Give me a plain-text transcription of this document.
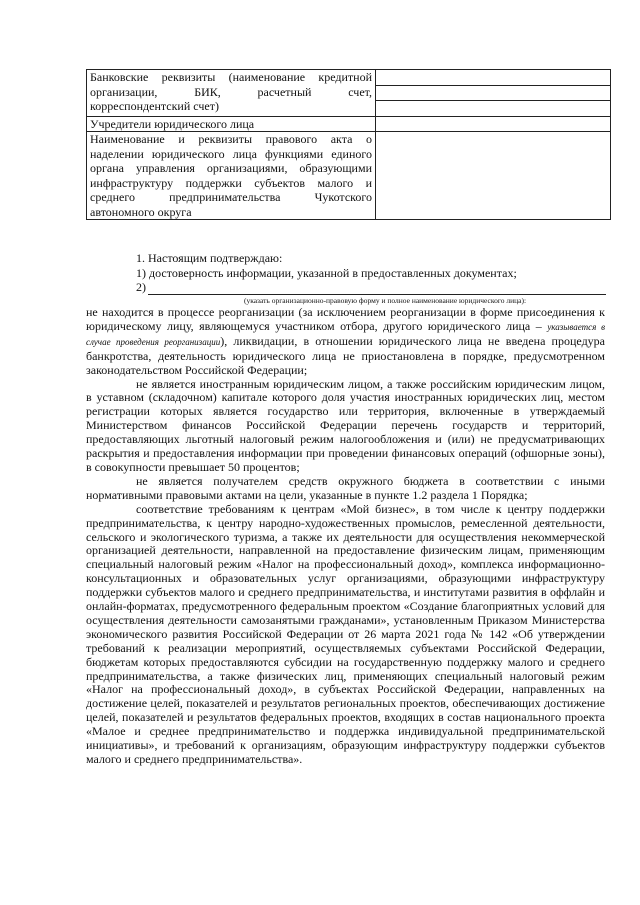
Банковские реквизиты (наименование кредитной организации, БИК, расчетный счет, корреспондентский счет)	

Учредители юридического лица	
Наименование и реквизиты правового акта о наделении юридического лица функциями единого органа управления организациями, образующими инфраструктуру поддержки субъектов малого и среднего предпринимательства Чукотского автономного округа	
1. Настоящим подтверждаю:
1) достоверность информации, указанной в предоставленных документах;
2)
(указать организационно-правовую форму и полное наименование юридического лица):

не находится в процессе реорганизации (за исключением реорганизации в форме присоединения к юридическому лицу, являющемуся участником отбора, другого юридического лица – указывается в случае проведения реорганизации), ликвидации, в отношении юридического лица не введена процедура банкротства, деятельность юридического лица не приостановлена в порядке, предусмотренном законодательством Российской Федерации;

не является иностранным юридическим лицом, а также российским юридическим лицом, в уставном (складочном) капитале которого доля участия иностранных юридических лиц, местом регистрации которых является государство или территория, включенные в утверждаемый Министерством финансов Российской Федерации перечень государств и территорий, предоставляющих льготный налоговый режим налогообложения и (или) не предусматривающих раскрытия и предоставления информации при проведении финансовых операций (офшорные зоны), в совокупности превышает 50 процентов;

не является получателем средств окружного бюджета в соответствии с иными нормативными правовыми актами на цели, указанные в пункте 1.2 раздела 1 Порядка;

соответствие требованиям к центрам «Мой бизнес», в том числе к центру поддержки предпринимательства, к центру народно-художественных промыслов, ремесленной деятельности, сельского и экологического туризма, а также их деятельности для осуществления некоммерческой организацией деятельности, направленной на предоставление физическим лицам, применяющим специальный налоговый режим «Налог на профессиональный доход», комплекса информационно-консультационных и образовательных услуг организациями, образующими инфраструктуру поддержки субъектов малого и среднего предпринимательства, и институтами развития в оффлайн и онлайн-форматах, предусмотренного федеральным проектом «Создание благоприятных условий для осуществления деятельности самозанятыми гражданами», установленным Приказом Министерства экономического развития Российской Федерации от 26 марта 2021 года № 142 «Об утверждении требований к реализации мероприятий, осуществляемых субъектами Российской Федерации, бюджетам которых предоставляются субсидии на государственную поддержку малого и среднего предпринимательства, а также физических лиц, применяющих специальный налоговый режим «Налог на профессиональный доход», в субъектах Российской Федерации, направленных на достижение целей, показателей и результатов региональных проектов, обеспечивающих достижение целей, показателей и результатов федеральных проектов, входящих в состав национального проекта «Малое и среднее предпринимательство и поддержка индивидуальной предпринимательской инициативы», и требований к организациям, образующим инфраструктуру поддержки субъектов малого и среднего предпринимательства».
